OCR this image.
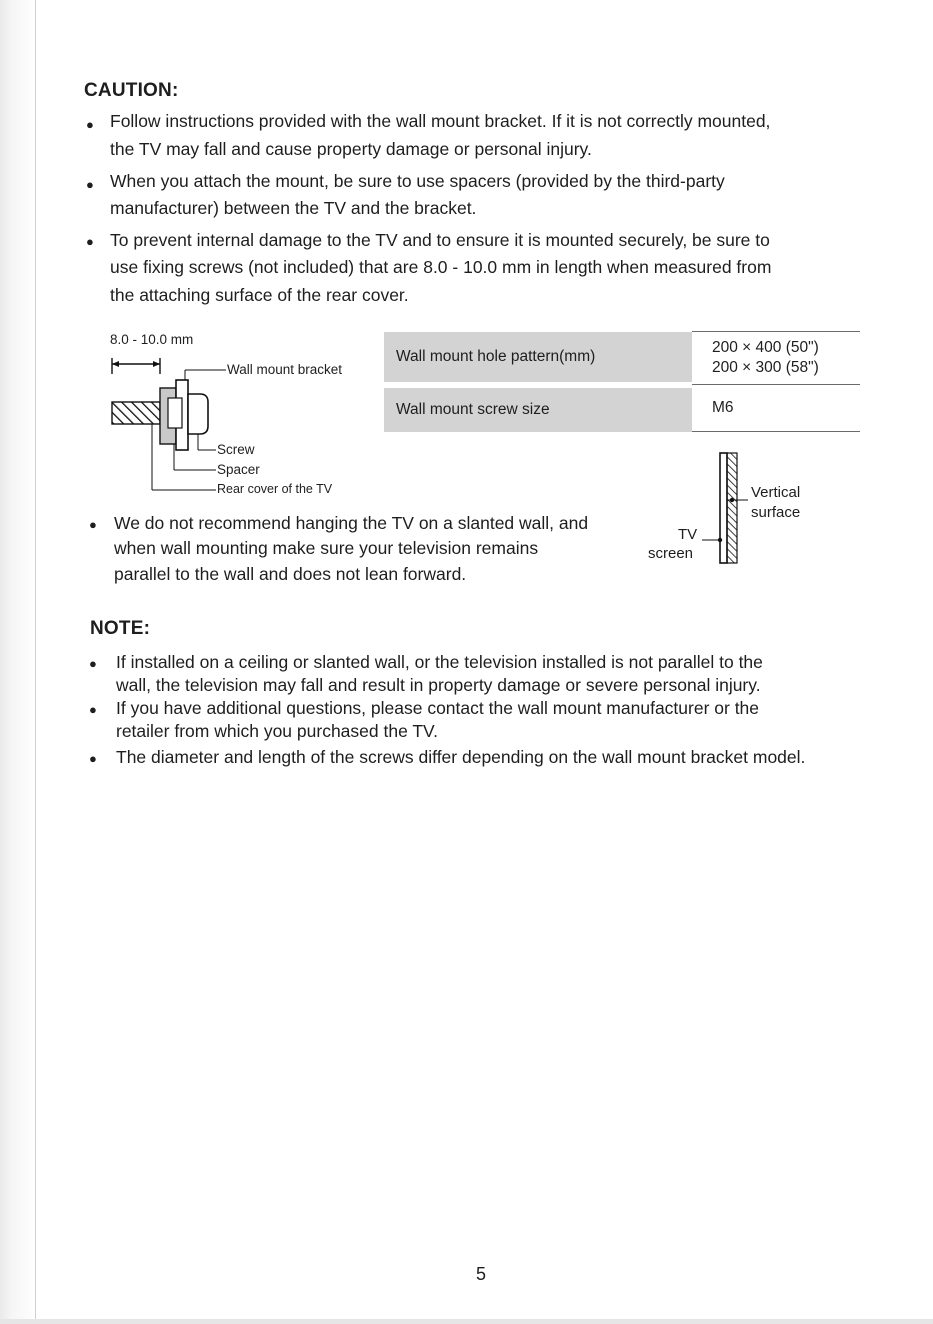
CAUTION:
● Follow instructions provided with the wall mount bracket. If it is not correctly mounted,
the TV may fall and cause property damage or personal injury.
● When you attach the mount, be sure to use spacers (provided by the third-party
manufacturer) between the TV and the bracket.
● To prevent internal damage to the TV and to ensure it is mounted securely, be sure to
use fixing screws (not included) that are 8.0 - 10.0 mm in length when measured from
the attaching surface of the rear cover.
8.0 - 10.0 mm
Wall mount bracket
Screw
Spacer
Rear cover of the TV
Wall mount hole pattern(mm)	200 × 400 (50")
200 × 300 (58")

Wall mount screw size	M6
● We do not recommend hanging the TV on a slanted wall, and
when wall mounting make sure your television remains
parallel to the wall and does not lean forward.
Vertical
surface
TV
screen
NOTE:
● If installed on a ceiling or slanted wall, or the television installed is not parallel to the
wall, the television may fall and result in property damage or severe personal injury.
● If you have additional questions, please contact the wall mount manufacturer or the
retailer from which you purchased the TV.
● The diameter and length of the screws differ depending on the wall mount bracket model.
5
